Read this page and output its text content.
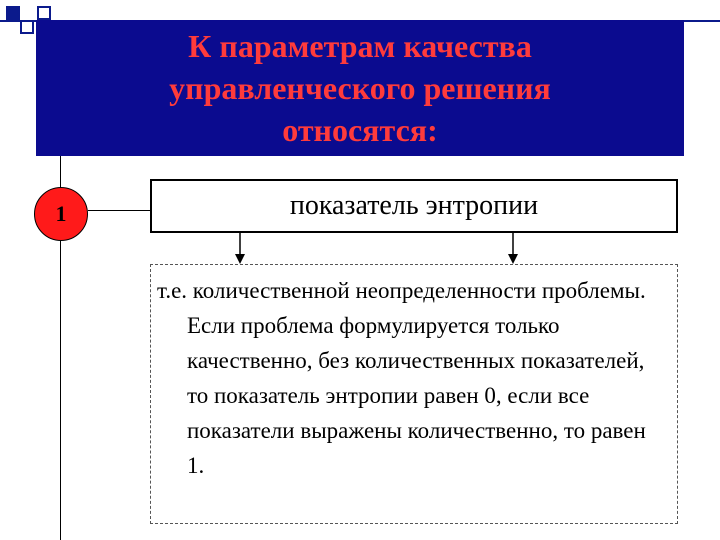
К параметрам качества управленческого решения относятся:
1	показатель энтропии

т.е. количественной неопределенности проблемы. Если проблема формулируется только качественно, без количественных показателей, то показатель энтропии равен 0, если все показатели выражены количественно, то равен 1.
